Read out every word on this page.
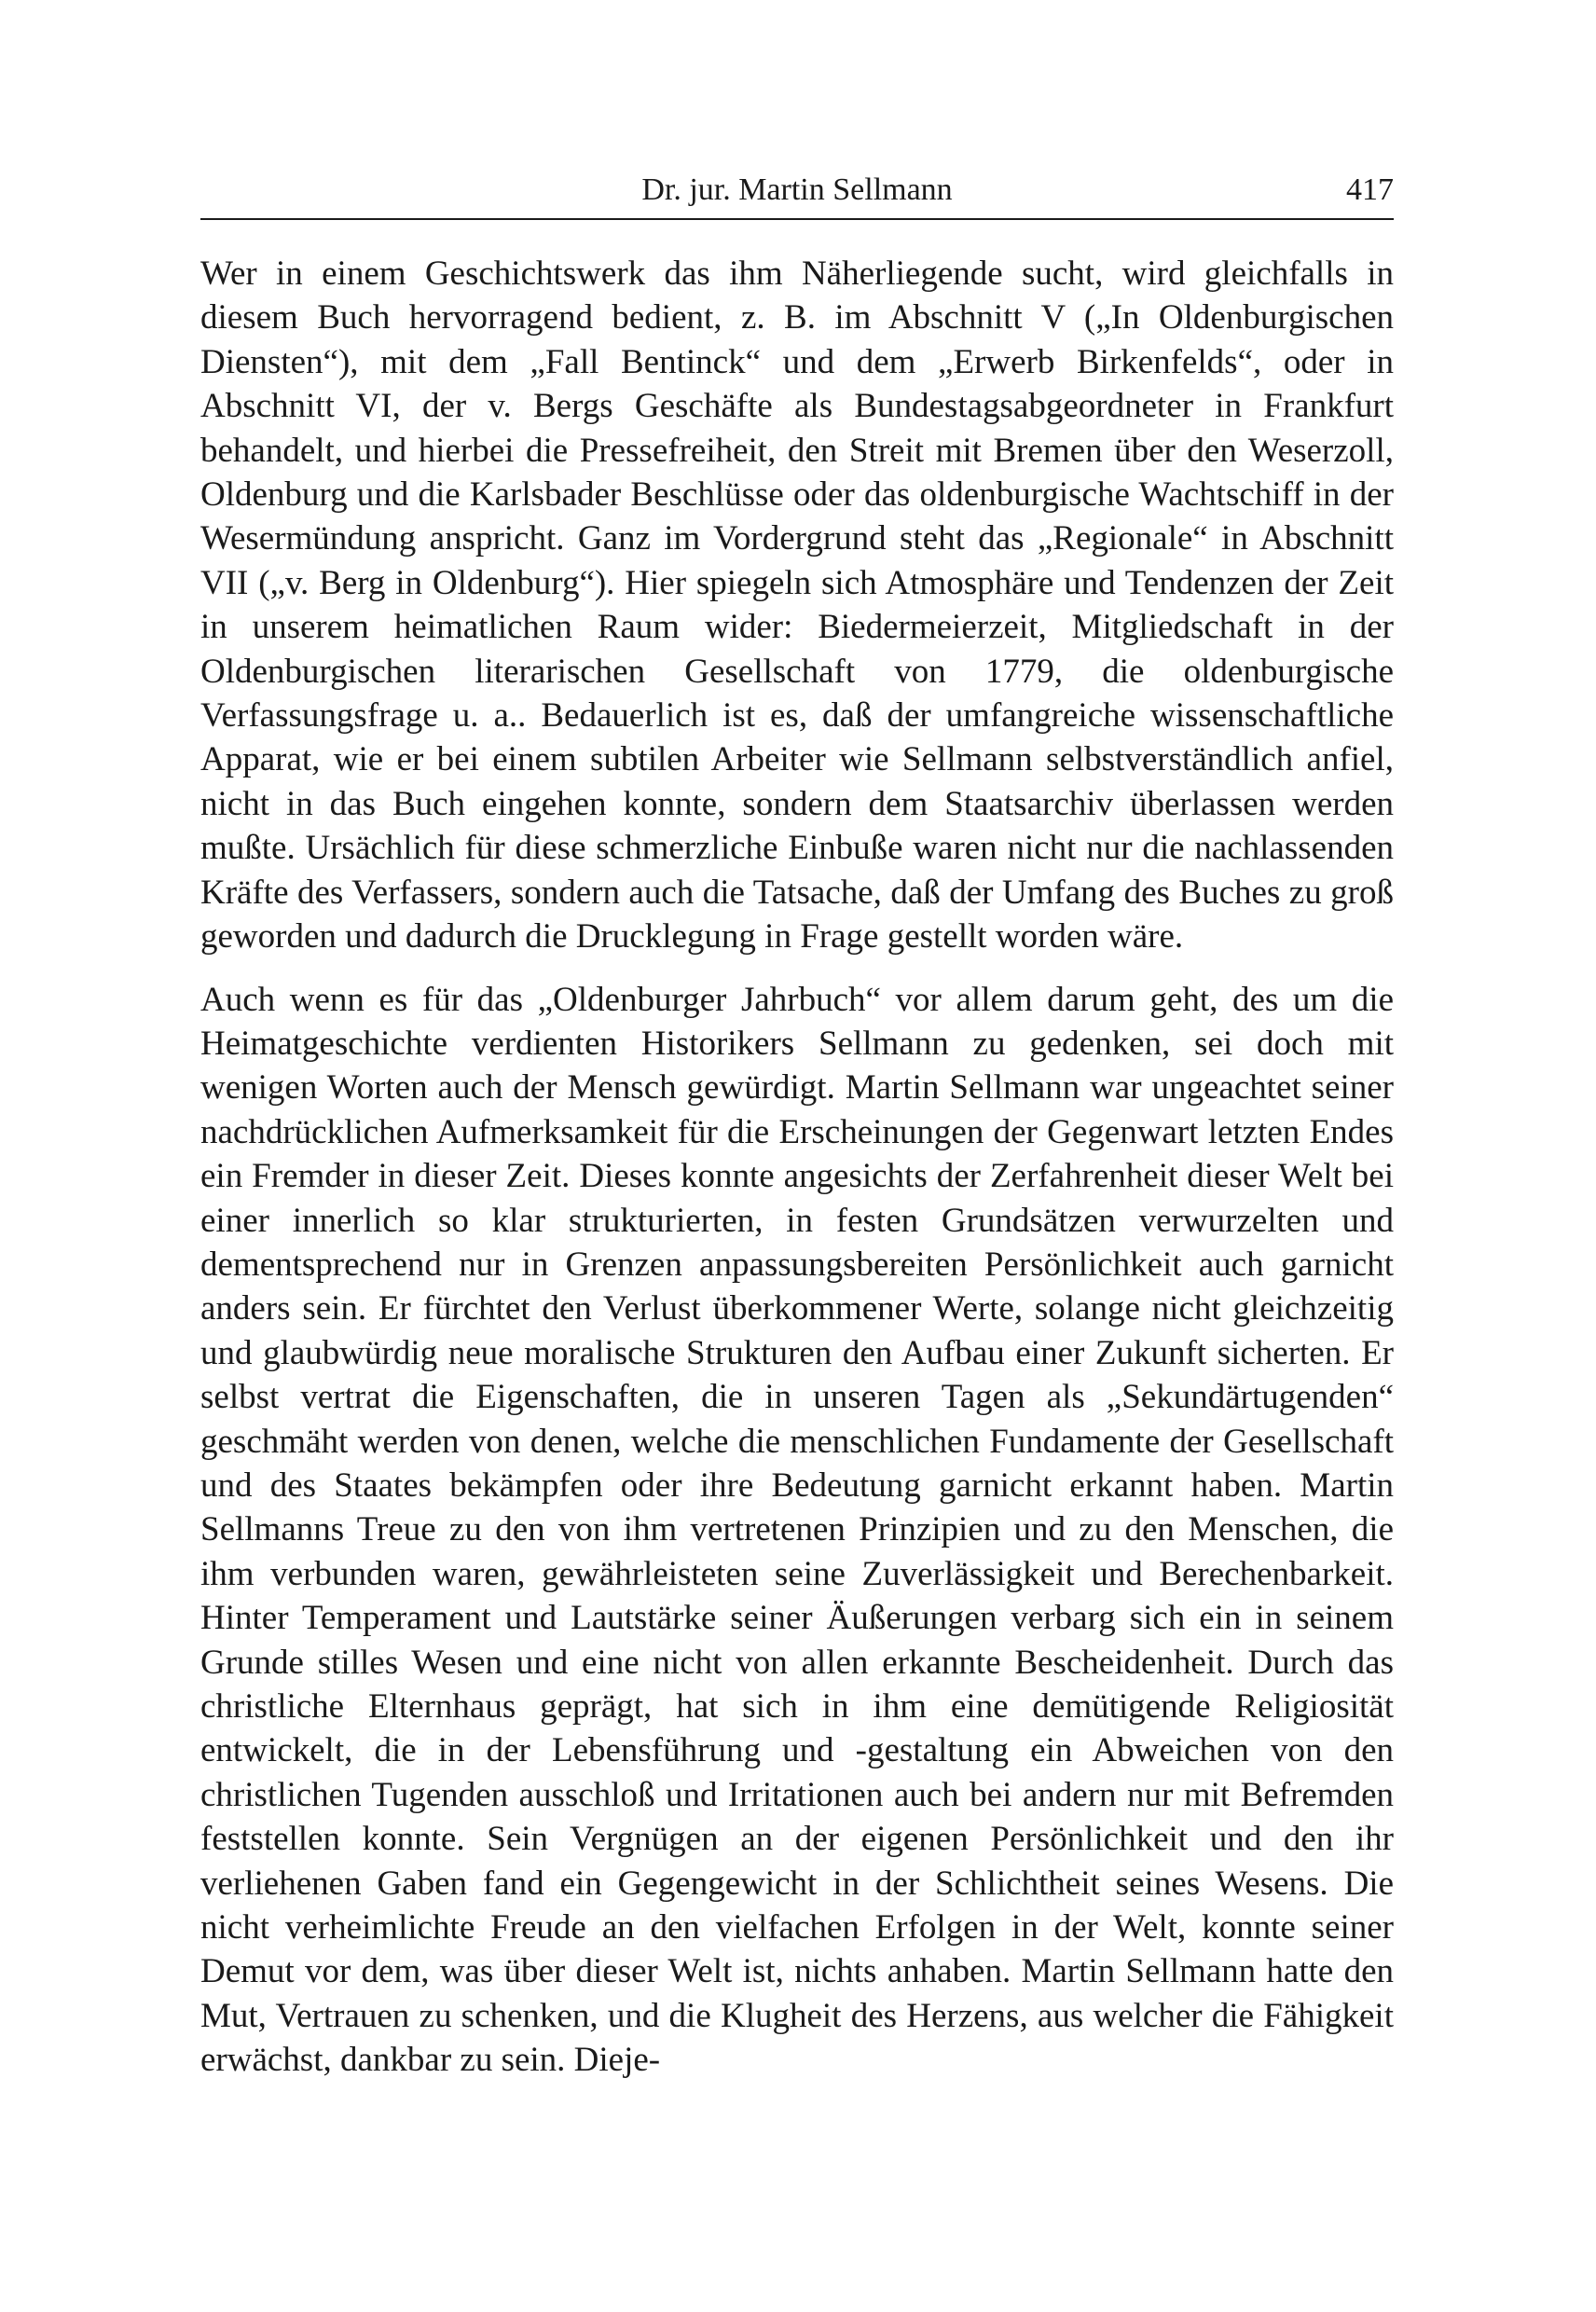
Dr. jur. Martin Sellmann	417

Wer in einem Geschichtswerk das ihm Näherliegende sucht, wird gleichfalls in diesem Buch hervorragend bedient, z. B. im Abschnitt V („In Oldenburgischen Diensten“), mit dem „Fall Bentinck“ und dem „Erwerb Birkenfelds“, oder in Abschnitt VI, der v. Bergs Geschäfte als Bundestagsabgeordneter in Frankfurt behandelt, und hierbei die Pressefreiheit, den Streit mit Bremen über den Weserzoll, Oldenburg und die Karlsbader Beschlüsse oder das oldenburgische Wachtschiff in der Wesermündung anspricht. Ganz im Vordergrund steht das „Regionale“ in Abschnitt VII („v. Berg in Oldenburg“). Hier spiegeln sich Atmosphäre und Tendenzen der Zeit in unserem heimatlichen Raum wider: Biedermeierzeit, Mitgliedschaft in der Oldenburgischen literarischen Gesellschaft von 1779, die oldenburgische Verfassungsfrage u. a.. Bedauerlich ist es, daß der umfangreiche wissenschaftliche Apparat, wie er bei einem subtilen Arbeiter wie Sellmann selbstverständlich anfiel, nicht in das Buch eingehen konnte, sondern dem Staatsarchiv überlassen werden mußte. Ursächlich für diese schmerzliche Einbuße waren nicht nur die nachlassenden Kräfte des Verfassers, sondern auch die Tatsache, daß der Umfang des Buches zu groß geworden und dadurch die Drucklegung in Frage gestellt worden wäre.

Auch wenn es für das „Oldenburger Jahrbuch“ vor allem darum geht, des um die Heimatgeschichte verdienten Historikers Sellmann zu gedenken, sei doch mit wenigen Worten auch der Mensch gewürdigt. Martin Sellmann war ungeachtet seiner nachdrücklichen Aufmerksamkeit für die Erscheinungen der Gegenwart letzten Endes ein Fremder in dieser Zeit. Dieses konnte angesichts der Zerfahrenheit dieser Welt bei einer innerlich so klar strukturierten, in festen Grundsätzen verwurzelten und dementsprechend nur in Grenzen anpassungsbereiten Persönlichkeit auch garnicht anders sein. Er fürchtet den Verlust überkommener Werte, solange nicht gleichzeitig und glaubwürdig neue moralische Strukturen den Aufbau einer Zukunft sicherten. Er selbst vertrat die Eigenschaften, die in unseren Tagen als „Sekundärtugenden“ geschmäht werden von denen, welche die menschlichen Fundamente der Gesellschaft und des Staates bekämpfen oder ihre Bedeutung garnicht erkannt haben. Martin Sellmanns Treue zu den von ihm vertretenen Prinzipien und zu den Menschen, die ihm verbunden waren, gewährleisteten seine Zuverlässigkeit und Berechenbarkeit. Hinter Temperament und Lautstärke seiner Äußerungen verbarg sich ein in seinem Grunde stilles Wesen und eine nicht von allen erkannte Bescheidenheit. Durch das christliche Elternhaus geprägt, hat sich in ihm eine demütigende Religiosität entwickelt, die in der Lebensführung und -gestaltung ein Abweichen von den christlichen Tugenden ausschloß und Irritationen auch bei andern nur mit Befremden feststellen konnte. Sein Vergnügen an der eigenen Persönlichkeit und den ihr verliehenen Gaben fand ein Gegengewicht in der Schlichtheit seines Wesens. Die nicht verheimlichte Freude an den vielfachen Erfolgen in der Welt, konnte seiner Demut vor dem, was über dieser Welt ist, nichts anhaben. Martin Sellmann hatte den Mut, Vertrauen zu schenken, und die Klugheit des Herzens, aus welcher die Fähigkeit erwächst, dankbar zu sein. Dieje-
